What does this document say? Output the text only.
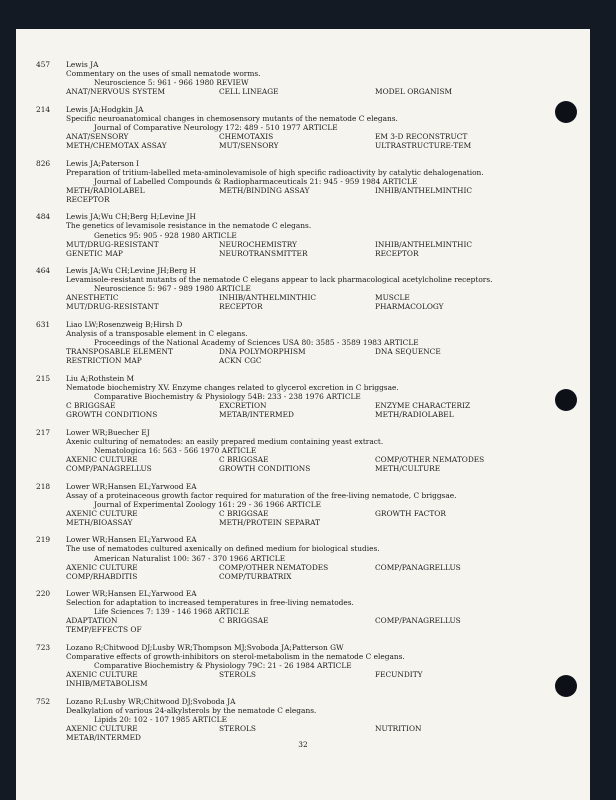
457 Lewis JA
Commentary on the uses of small nematode worms.
Neuroscience 5: 961 - 966 1980 REVIEW
ANAT/NERVOUS SYSTEM	CELL LINEAGE	MODEL ORGANISM
214 Lewis JA;Hodgkin JA
Specific neuroanatomical changes in chemosensory mutants of the nematode C elegans.
Journal of Comparative Neurology 172: 489 - 510 1977 ARTICLE
ANAT/SENSORY	CHEMOTAXIS	EM 3-D RECONSTRUCT
METH/CHEMOTAX ASSAY	MUT/SENSORY	ULTRASTRUCTURE-TEM
826 Lewis JA;Paterson I
Preparation of tritium-labelled meta-aminolevamisole of high specific radioactivity by catalytic dehalogenation.
Journal of Labelled Compounds & Radiopharmaceuticals 21: 945 - 959 1984 ARTICLE
METH/RADIOLABEL	METH/BINDING ASSAY	INHIB/ANTHELMINTHIC
RECEPTOR
484 Lewis JA;Wu CH;Berg H;Levine JH
The genetics of levamisole resistance in the nematode C elegans.
Genetics 95: 905 - 928 1980 ARTICLE
MUT/DRUG-RESISTANT	NEUROCHEMISTRY	INHIB/ANTHELMINTHIC
GENETIC MAP	NEUROTRANSMITTER	RECEPTOR
464 Lewis JA;Wu CH;Levine JH;Berg H
Levamisole-resistant mutants of the nematode C elegans appear to lack pharmacological acetylcholine receptors.
Neuroscience 5: 967 - 989 1980 ARTICLE
ANESTHETIC	INHIB/ANTHELMINTHIC	MUSCLE
MUT/DRUG-RESISTANT	RECEPTOR	PHARMACOLOGY
631 Liao LW;Rosenzweig B;Hirsh D
Analysis of a transposable element in C elegans.
Proceedings of the National Academy of Sciences USA 80: 3585 - 3589 1983 ARTICLE
TRANSPOSABLE ELEMENT	DNA POLYMORPHISM	DNA SEQUENCE
RESTRICTION MAP	ACKN CGC
215 Liu A;Rothstein M
Nematode biochemistry XV. Enzyme changes related to glycerol excretion in C briggsae.
Comparative Biochemistry & Physiology 54B: 233 - 238 1976 ARTICLE
C BRIGGSAE	EXCRETION	ENZYME CHARACTERIZ
GROWTH CONDITIONS	METAB/INTERMED	METH/RADIOLABEL
217 Lower WR;Buecher EJ
Axenic culturing of nematodes: an easily prepared medium containing yeast extract.
Nematologica 16: 563 - 566 1970 ARTICLE
AXENIC CULTURE	C BRIGGSAE	COMP/OTHER NEMATODES
COMP/PANAGRELLUS	GROWTH CONDITIONS	METH/CULTURE
218 Lower WR;Hansen EL;Yarwood EA
Assay of a proteinaceous growth factor required for maturation of the free-living nematode, C briggsae.
Journal of Experimental Zoology 161: 29 - 36 1966 ARTICLE
AXENIC CULTURE	C BRIGGSAE	GROWTH FACTOR
METH/BIOASSAY	METH/PROTEIN SEPARAT
219 Lower WR;Hansen EL;Yarwood EA
The use of nematodes cultured axenically on defined medium for biological studies.
American Naturalist 100: 367 - 370 1966 ARTICLE
AXENIC CULTURE	COMP/OTHER NEMATODES	COMP/PANAGRELLUS
COMP/RHABDITIS	COMP/TURBATRIX
220 Lower WR;Hansen EL;Yarwood EA
Selection for adaptation to increased temperatures in free-living nematodes.
Life Sciences 7: 139 - 146 1968 ARTICLE
ADAPTATION	C BRIGGSAE	COMP/PANAGRELLUS
TEMP/EFFECTS OF
723 Lozano R;Chitwood DJ;Lusby WR;Thompson MJ;Svoboda JA;Patterson GW
Comparative effects of growth-inhibitors on sterol-metabolism in the nematode C elegans.
Comparative Biochemistry & Physiology 79C: 21 - 26 1984 ARTICLE
AXENIC CULTURE	STEROLS	FECUNDITY
INHIB/METABOLISM
752 Lozano R;Lusby WR;Chitwood DJ;Svoboda JA
Dealkylation of various 24-alkylsterols by the nematode C elegans.
Lipids 20: 102 - 107 1985 ARTICLE
AXENIC CULTURE	STEROLS	NUTRITION
METAB/INTERMED
32
